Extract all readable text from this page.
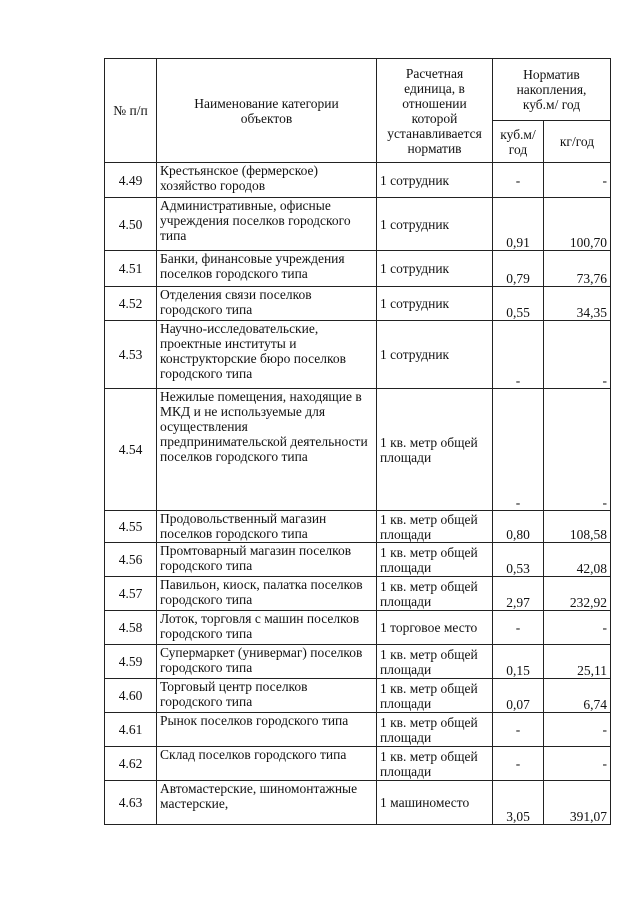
№ п/п	Наименование категории объектов	Расчетная единица, в отношении которой устанавливается норматив	Норматив накопления, куб.м/ год	
			куб.м/ год	кг/год
4.49	Крестьянское (фермерское) хозяйство городов	1 сотрудник	-	-
4.50	Административные, офисные учреждения поселков городского типа	1 сотрудник	0,91	100,70
4.51	Банки, финансовые учреждения поселков городского типа	1 сотрудник	0,79	73,76
4.52	Отделения связи поселков городского типа	1 сотрудник	0,55	34,35
4.53	Научно-исследовательские, проектные институты и конструкторские бюро поселков городского типа	1 сотрудник	-	-
4.54	Нежилые помещения, находящие в МКД и не используемые для осуществления предпринимательской деятельности поселков городского типа	1 кв. метр общей площади	-	-
4.55	Продовольственный магазин поселков городского типа	1 кв. метр общей площади	0,80	108,58
4.56	Промтоварный магазин поселков городского типа	1 кв. метр общей площади	0,53	42,08
4.57	Павильон, киоск, палатка поселков городского типа	1 кв. метр общей площади	2,97	232,92
4.58	Лоток, торговля с машин поселков городского типа	1 торговое место	-	-
4.59	Супермаркет (универмаг) поселков городского типа	1 кв. метр общей площади	0,15	25,11
4.60	Торговый центр поселков городского типа	1 кв. метр общей площади	0,07	6,74
4.61	Рынок поселков городского типа	1 кв. метр общей площади	-	-
4.62	Склад поселков городского типа	1 кв. метр общей площади	-	-
4.63	Автомастерские, шиномонтажные мастерские,	1 машиноместо	3,05	391,07
